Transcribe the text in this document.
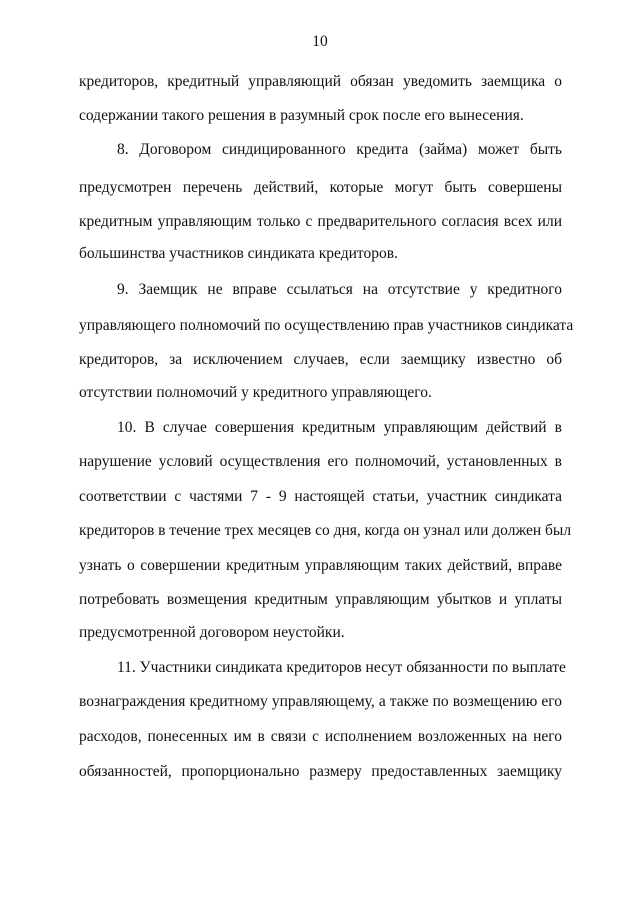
10
кредиторов, кредитный управляющий обязан уведомить заемщика о
содержании такого решения в разумный срок после его вынесения.
8. Договором синдицированного кредита (займа) может быть
предусмотрен перечень действий, которые могут быть совершены
кредитным управляющим только с предварительного согласия всех или
большинства участников синдиката кредиторов.
9. Заемщик не вправе ссылаться на отсутствие у кредитного
управляющего полномочий по осуществлению прав участников синдиката
кредиторов, за исключением случаев, если заемщику известно об
отсутствии полномочий у кредитного управляющего.
10. В случае совершения кредитным управляющим действий в
нарушение условий осуществления его полномочий, установленных в
соответствии с частями 7 - 9 настоящей статьи, участник синдиката
кредиторов в течение трех месяцев со дня, когда он узнал или должен был
узнать о совершении кредитным управляющим таких действий, вправе
потребовать возмещения кредитным управляющим убытков и уплаты
предусмотренной договором неустойки.
11. Участники синдиката кредиторов несут обязанности по выплате
вознаграждения кредитному управляющему, а также по возмещению его
расходов, понесенных им в связи с исполнением возложенных на него
обязанностей, пропорционально размеру предоставленных заемщику
